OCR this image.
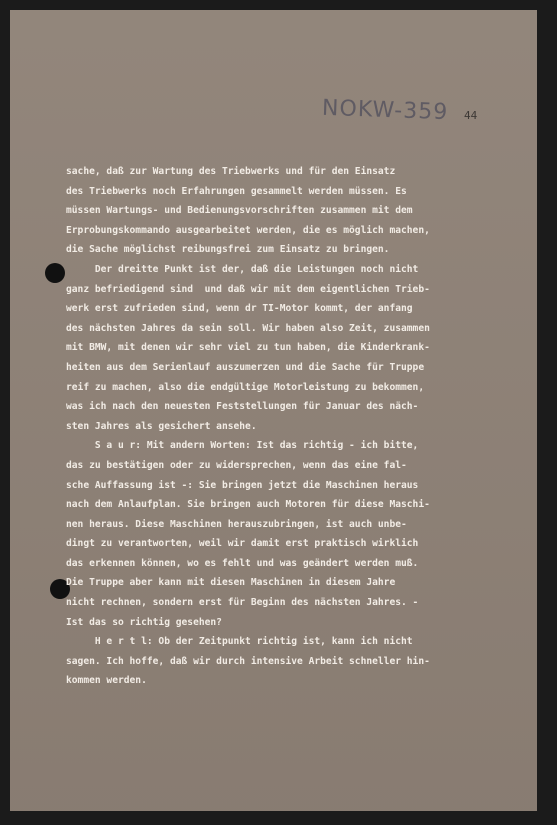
NOKW-359 44
sache, daß zur Wartung des Triebwerks und für den Einsatz
des Triebwerks noch Erfahrungen gesammelt werden müssen. Es
müssen Wartungs- und Bedienungsvorschriften zusammen mit dem
Erprobungskommando ausgearbeitet werden, die es möglich machen,
die Sache möglichst reibungsfrei zum Einsatz zu bringen.
Der dreitte Punkt ist der, daß die Leistungen noch nicht
ganz befriedigend sind  und daß wir mit dem eigentlichen Trieb-
werk erst zufrieden sind, wenn dr TI-Motor kommt, der anfang
des nächsten Jahres da sein soll. Wir haben also Zeit, zusammen
mit BMW, mit denen wir sehr viel zu tun haben, die Kinderkrank-
heiten aus dem Serienlauf auszumerzen und die Sache für Truppe
reif zu machen, also die endgültige Motorleistung zu bekommen,
was ich nach den neuesten Feststellungen für Januar des näch-
sten Jahres als gesichert ansehe.
S a u r: Mit andern Worten: Ist das richtig - ich bitte,
das zu bestätigen oder zu widersprechen, wenn das eine fal-
sche Auffassung ist -: Sie bringen jetzt die Maschinen heraus
nach dem Anlaufplan. Sie bringen auch Motoren für diese Maschi-
nen heraus. Diese Maschinen herauszubringen, ist auch unbe-
dingt zu verantworten, weil wir damit erst praktisch wirklich
das erkennen können, wo es fehlt und was geändert werden muß.
Die Truppe aber kann mit diesen Maschinen in diesem Jahre
nicht rechnen, sondern erst für Beginn des nächsten Jahres. -
Ist das so richtig gesehen?
H e r t l: Ob der Zeitpunkt richtig ist, kann ich nicht
sagen. Ich hoffe, daß wir durch intensive Arbeit schneller hin-
kommen werden.
